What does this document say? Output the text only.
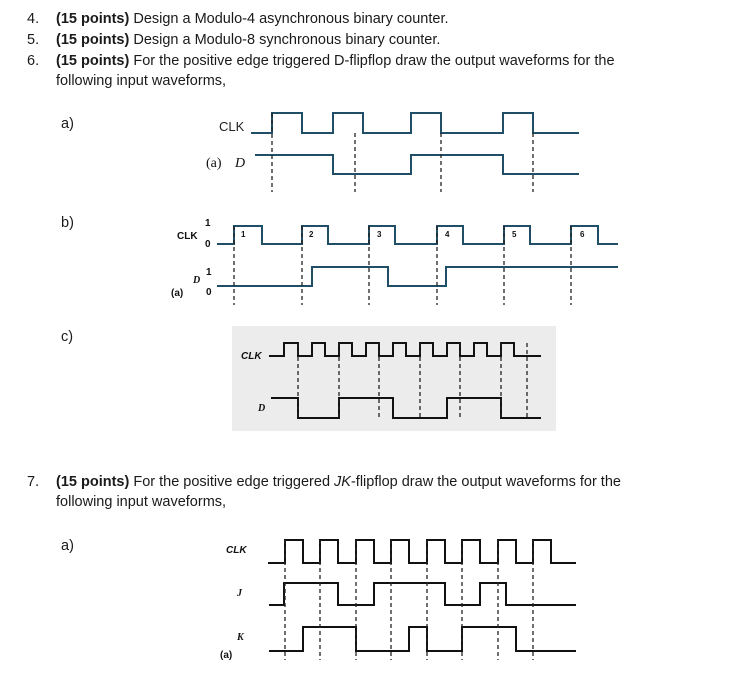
4. (15 points) Design a Modulo-4 asynchronous binary counter.
5. (15 points) Design a Modulo-8 synchronous binary counter.
6. (15 points) For the positive edge triggered D-flipflop draw the output waveforms for the
following input waveforms,
7. (15 points) For the positive edge triggered JK-flipflop draw the output waveforms for the
following input waveforms,
a)
b)
c)
a)
CLK
(a) D
CLK
1
0
D
1
0
(a)
1	2	3	4	5	6
CLK
D
CLK
J
K
(a)
